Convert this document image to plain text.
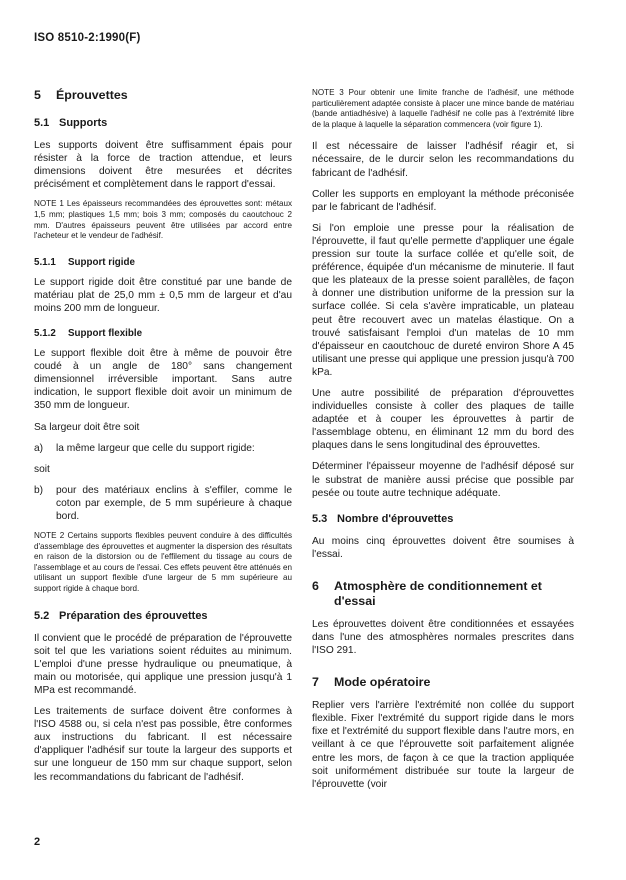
ISO 8510-2:1990(F)
5 Éprouvettes
5.1 Supports

Les supports doivent être suffisamment épais pour résister à la force de traction attendue, et leurs dimensions doivent être mesurées et décrites précisément et complètement dans le rapport d'essai.

NOTE 1 Les épaisseurs recommandées des éprouvettes sont: métaux 1,5 mm; plastiques 1,5 mm; bois 3 mm; composés du caoutchouc 2 mm. D'autres épaisseurs peuvent être utilisées par accord entre l'acheteur et le vendeur de l'adhésif.

5.1.1 Support rigide

Le support rigide doit être constitué par une bande de matériau plat de 25,0 mm ± 0,5 mm de largeur et d'au moins 200 mm de longueur.

5.1.2 Support flexible

Le support flexible doit être à même de pouvoir être coudé à un angle de 180° sans changement dimensionnel irréversible important. Sans autre indication, le support flexible doit avoir un minimum de 350 mm de longueur.

Sa largeur doit être soit

a)	la même largeur que celle du support rigide:

soit

b)	pour des matériaux enclins à s'effiler, comme le coton par exemple, de 5 mm supérieure à chaque bord.

NOTE 2 Certains supports flexibles peuvent conduire à des difficultés d'assemblage des éprouvettes et augmenter la dispersion des résultats en raison de la distorsion ou de l'effilement du tissage au cours de l'assemblage et au cours de l'essai. Ces effets peuvent être atténués en utilisant un support flexible d'une largeur de 5 mm supérieure au support rigide à chaque bord.

5.2 Préparation des éprouvettes

Il convient que le procédé de préparation de l'éprouvette soit tel que les variations soient réduites au minimum. L'emploi d'une presse hydraulique ou pneumatique, à main ou motorisée, qui applique une pression jusqu'à 1 MPa est recommandé.

Les traitements de surface doivent être conformes à l'ISO 4588 ou, si cela n'est pas possible, être conformes aux instructions du fabricant. Il est nécessaire d'appliquer l'adhésif sur toute la largeur des supports et sur une longueur de 150 mm sur chaque support, selon les recommandations du fabricant de l'adhésif.

NOTE 3 Pour obtenir une limite franche de l'adhésif, une méthode particulièrement adaptée consiste à placer une mince bande de matériau (bande antiadhésive) à laquelle l'adhésif ne colle pas à l'extrémité libre de la plaque à laquelle la séparation commencera (voir figure 1).

Il est nécessaire de laisser l'adhésif réagir et, si nécessaire, de le durcir selon les recommandations du fabricant de l'adhésif.

Coller les supports en employant la méthode préconisée par le fabricant de l'adhésif.

Si l'on emploie une presse pour la réalisation de l'éprouvette, il faut qu'elle permette d'appliquer une égale pression sur toute la surface collée et qu'elle soit, de préférence, équipée d'un mécanisme de minuterie. Il faut que les plateaux de la presse soient parallèles, de façon à donner une distribution uniforme de la pression sur la surface collée. Si cela s'avère impraticable, un plateau peut être recouvert avec un matelas élastique. On a trouvé satisfaisant l'emploi d'un matelas de 10 mm d'épaisseur en caoutchouc de dureté environ Shore A 45 utilisant une presse qui applique une pression jusqu'à 700 kPa.

Une autre possibilité de préparation d'éprouvettes individuelles consiste à coller des plaques de taille adaptée et à couper les éprouvettes à partir de l'assemblage obtenu, en éliminant 12 mm du bord des plaques dans le sens longitudinal des éprouvettes.

Déterminer l'épaisseur moyenne de l'adhésif déposé sur le substrat de manière aussi précise que possible par pesée ou toute autre technique adéquate.

5.3 Nombre d'éprouvettes

Au moins cinq éprouvettes doivent être soumises à l'essai.

6	Atmosphère de conditionnement et d'essai

Les éprouvettes doivent être conditionnées et essayées dans l'une des atmosphères normales prescrites dans l'ISO 291.

7 Mode opératoire

Replier vers l'arrière l'extrémité non collée du support flexible. Fixer l'extrémité du support rigide dans le mors fixe et l'extrémité du support flexible dans l'autre mors, en veillant à ce que l'éprouvette soit parfaitement alignée entre les mors, de façon à ce que la traction appliquée soit uniformément distribuée sur toute la largeur de l'éprouvette (voir

2
